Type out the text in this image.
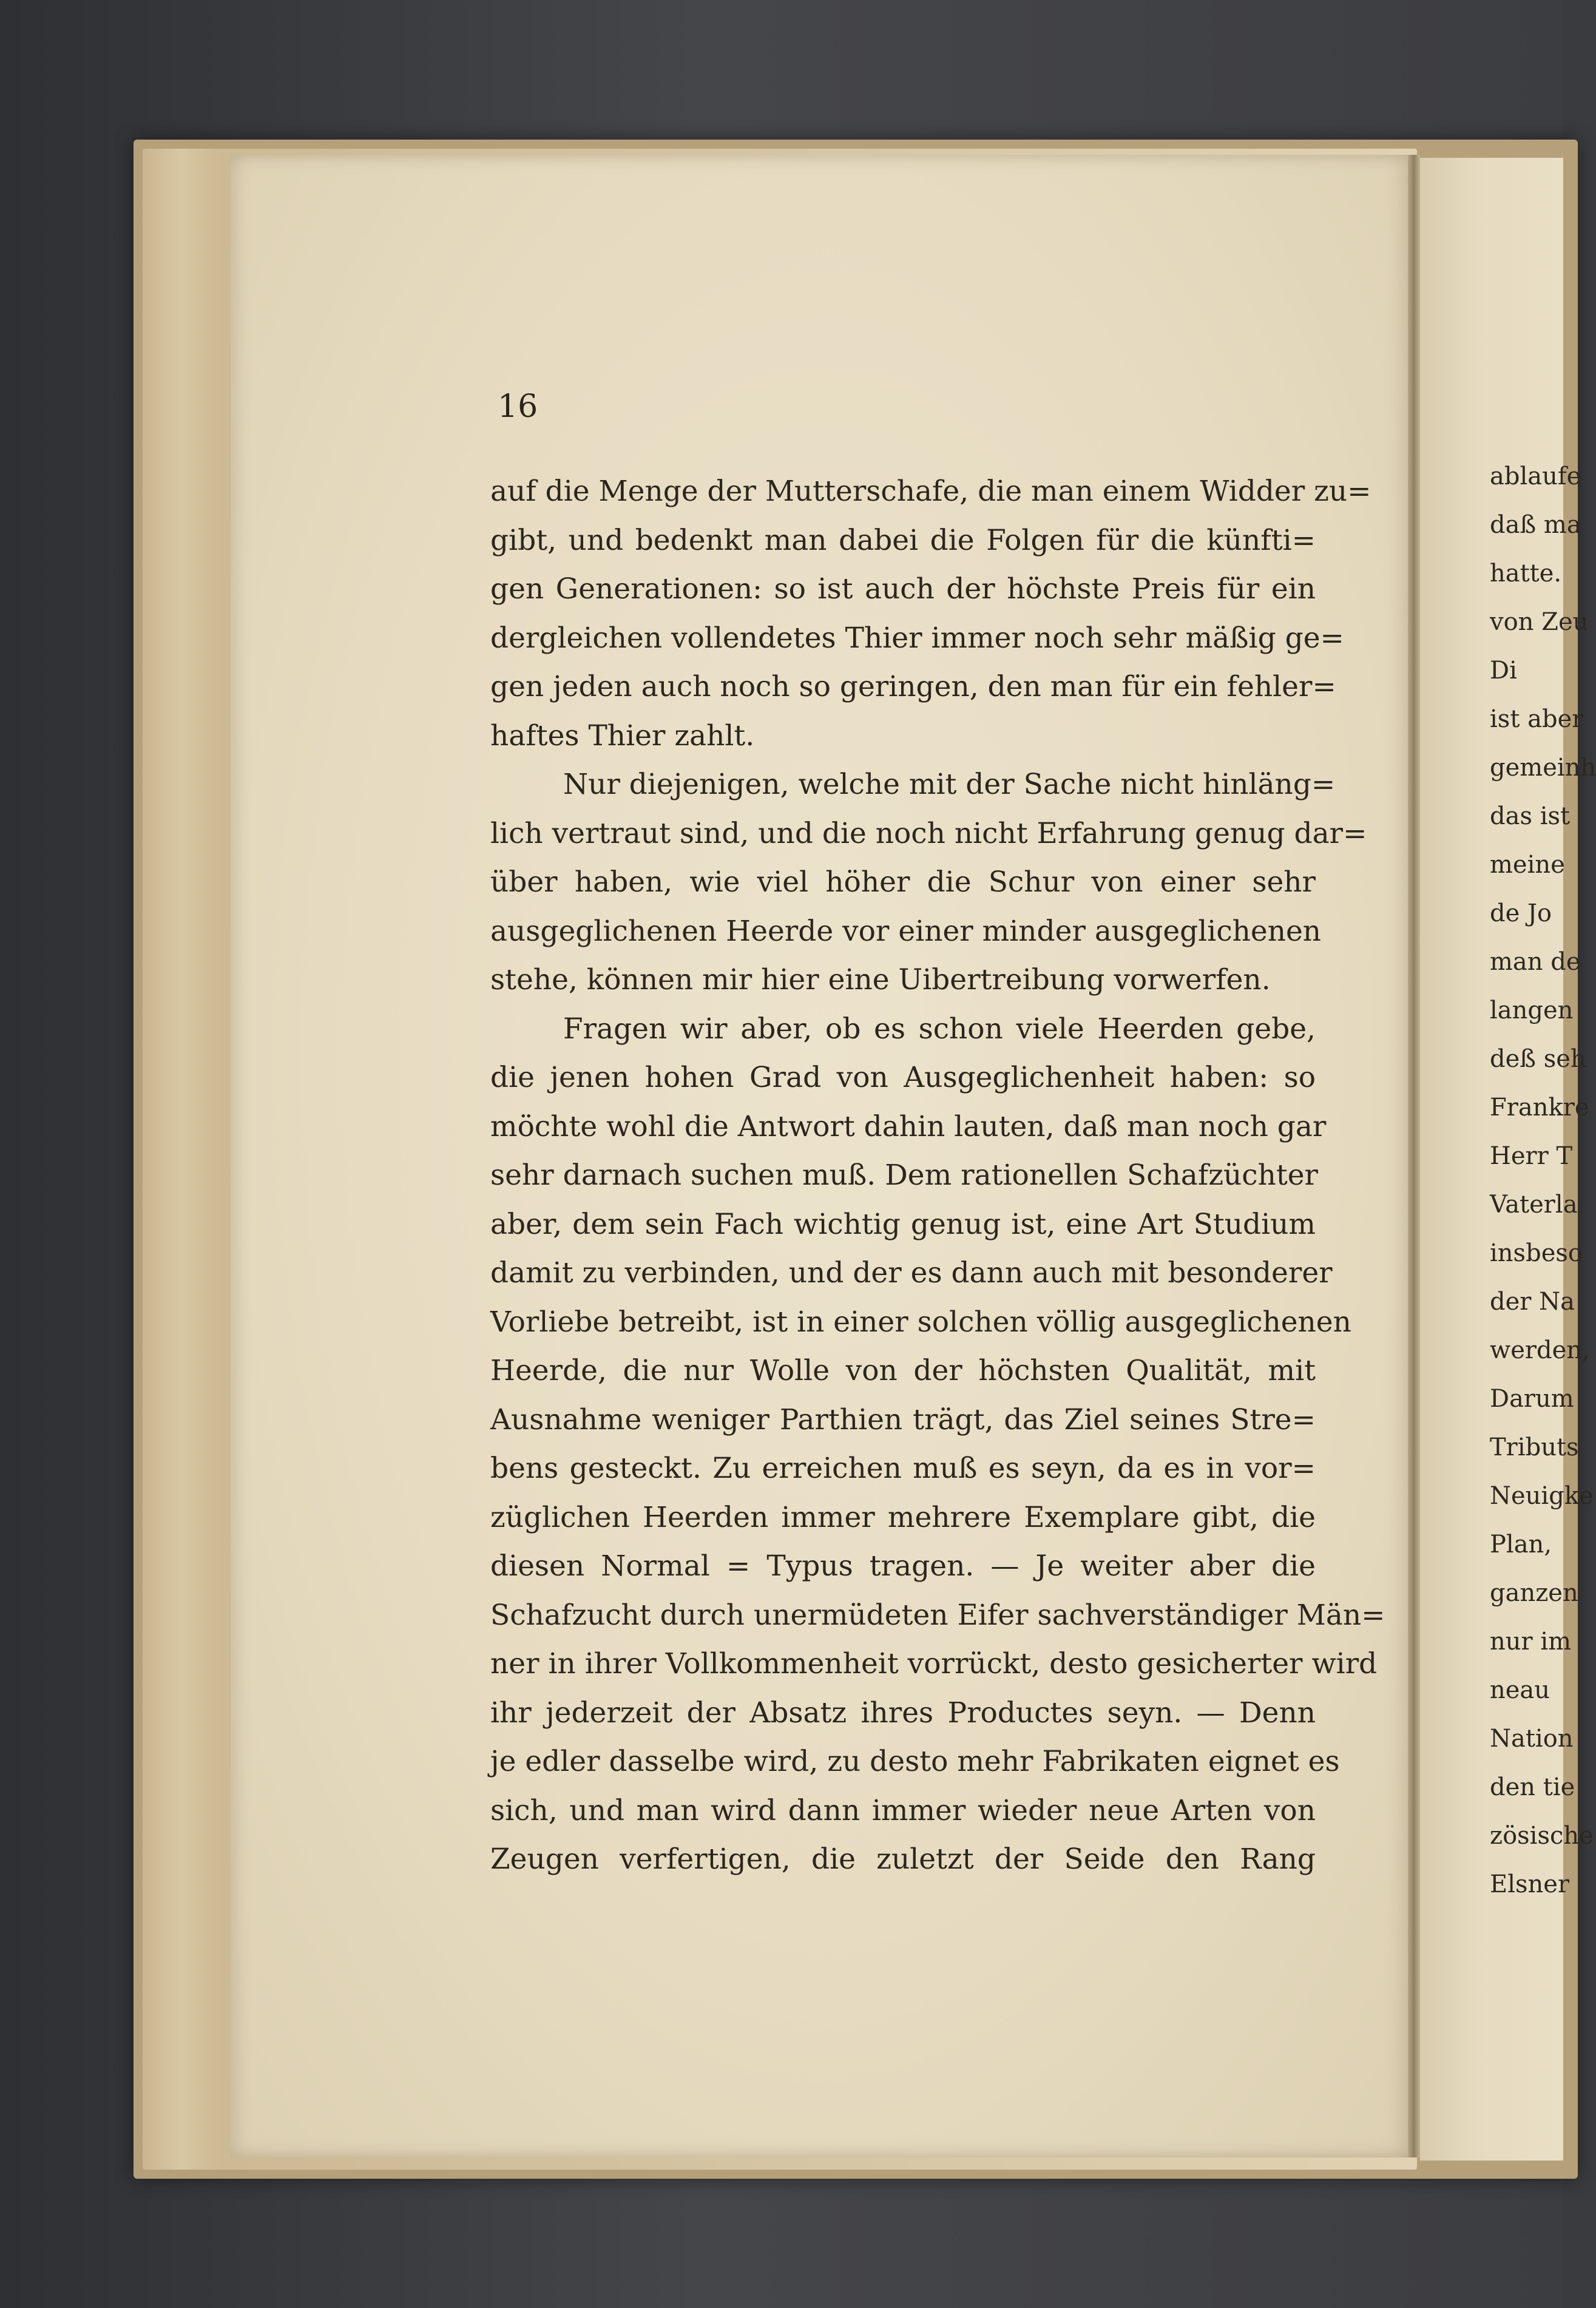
16
auf die Menge der Mutterschafe, die man einem Widder zu=
gibt, und bedenkt man dabei die Folgen für die künfti=
gen Generationen: so ist auch der höchste Preis für ein
dergleichen vollendetes Thier immer noch sehr mäßig ge=
gen jeden auch noch so geringen, den man für ein fehler=
haftes Thier zahlt.
Nur diejenigen, welche mit der Sache nicht hinläng=
lich vertraut sind, und die noch nicht Erfahrung genug dar=
über haben, wie viel höher die Schur von einer sehr
ausgeglichenen Heerde vor einer minder ausgeglichenen
stehe, können mir hier eine Uibertreibung vorwerfen.
Fragen wir aber, ob es schon viele Heerden gebe,
die jenen hohen Grad von Ausgeglichenheit haben: so
möchte wohl die Antwort dahin lauten, daß man noch gar
sehr darnach suchen muß. Dem rationellen Schafzüchter
aber, dem sein Fach wichtig genug ist, eine Art Studium
damit zu verbinden, und der es dann auch mit besonderer
Vorliebe betreibt, ist in einer solchen völlig ausgeglichenen
Heerde, die nur Wolle von der höchsten Qualität, mit
Ausnahme weniger Parthien trägt, das Ziel seines Stre=
bens gesteckt. Zu erreichen muß es seyn, da es in vor=
züglichen Heerden immer mehrere Exemplare gibt, die
diesen Normal = Typus tragen. — Je weiter aber die
Schafzucht durch unermüdeten Eifer sachverständiger Män=
ner in ihrer Vollkommenheit vorrückt, desto gesicherter wird
ihr jederzeit der Absatz ihres Productes seyn. — Denn
je edler dasselbe wird, zu desto mehr Fabrikaten eignet es
sich, und man wird dann immer wieder neue Arten von
Zeugen verfertigen, die zuletzt der Seide den Rang
ablaufe
daß ma
hatte.
von Zeu
Di
ist aber
gemeinh
das ist
meine
de Jo
man de
langen
deß seh
Frankre
Herr T
Vaterla
insbeso
der Na
werden,
Darum
Tributs
Neuigke
Plan,
ganzen
nur im
neau
Nation
den tie
zösische
Elsner
